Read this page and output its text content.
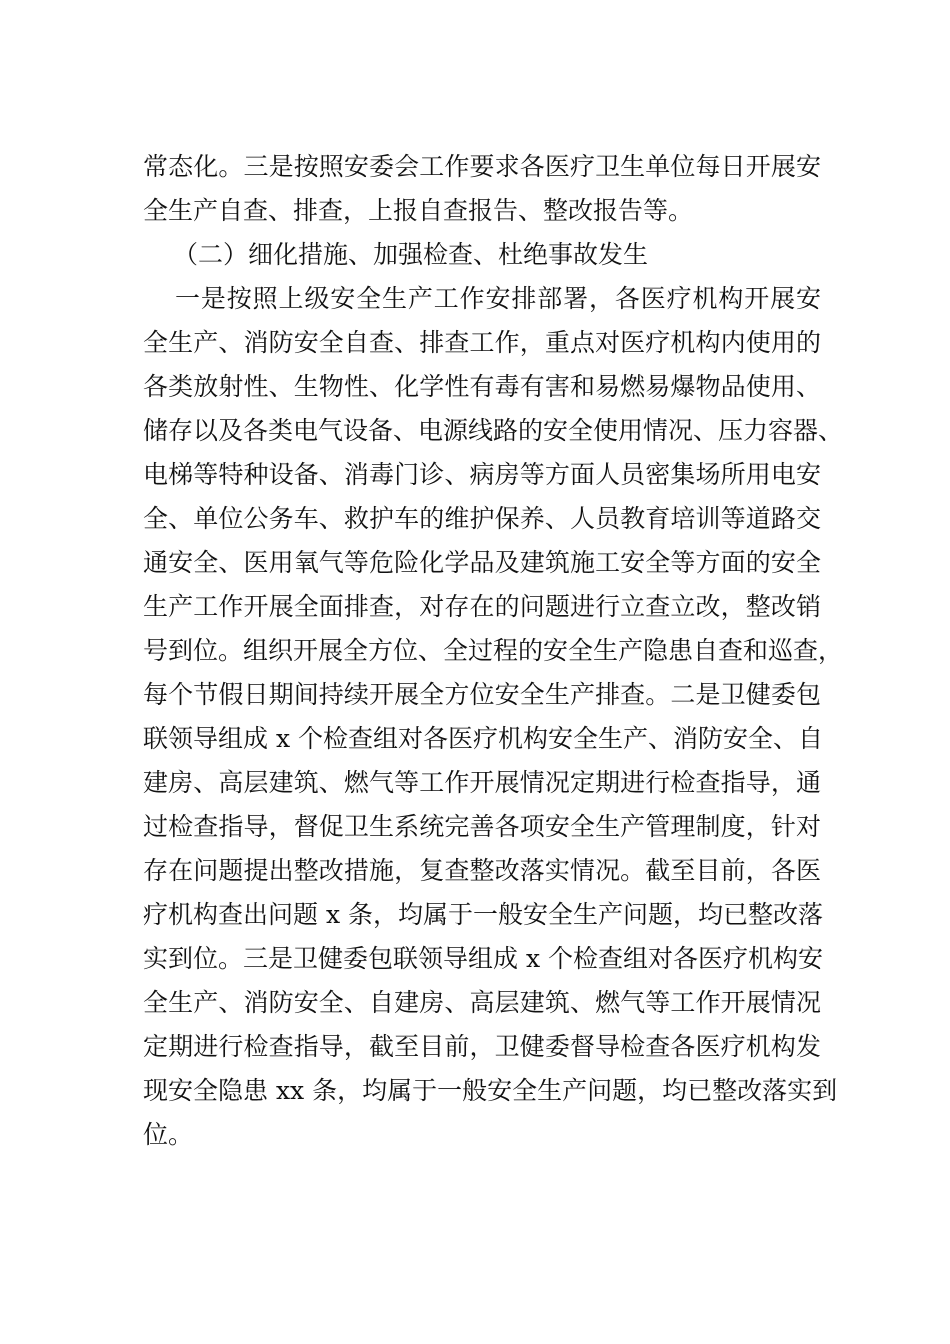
常态化。三是按照安委会工作要求各医疗卫生单位每日开展安
全生产自查、排查，上报自查报告、整改报告等。
（二）细化措施、加强检查、杜绝事故发生
一是按照上级安全生产工作安排部署，各医疗机构开展安
全生产、消防安全自查、排查工作，重点对医疗机构内使用的
各类放射性、生物性、化学性有毒有害和易燃易爆物品使用、
储存以及各类电气设备、电源线路的安全使用情况、压力容器、
电梯等特种设备、消毒门诊、病房等方面人员密集场所用电安
全、单位公务车、救护车的维护保养、人员教育培训等道路交
通安全、医用氧气等危险化学品及建筑施工安全等方面的安全
生产工作开展全面排查，对存在的问题进行立查立改，整改销
号到位。组织开展全方位、全过程的安全生产隐患自查和巡查，
每个节假日期间持续开展全方位安全生产排查。二是卫健委包
联领导组成 x 个检查组对各医疗机构安全生产、消防安全、自
建房、高层建筑、燃气等工作开展情况定期进行检查指导，通
过检查指导，督促卫生系统完善各项安全生产管理制度，针对
存在问题提出整改措施，复查整改落实情况。截至目前，各医
疗机构查出问题 x 条，均属于一般安全生产问题，均已整改落
实到位。三是卫健委包联领导组成 x 个检查组对各医疗机构安
全生产、消防安全、自建房、高层建筑、燃气等工作开展情况
定期进行检查指导，截至目前，卫健委督导检查各医疗机构发
现安全隐患 xx 条，均属于一般安全生产问题，均已整改落实到
位。
